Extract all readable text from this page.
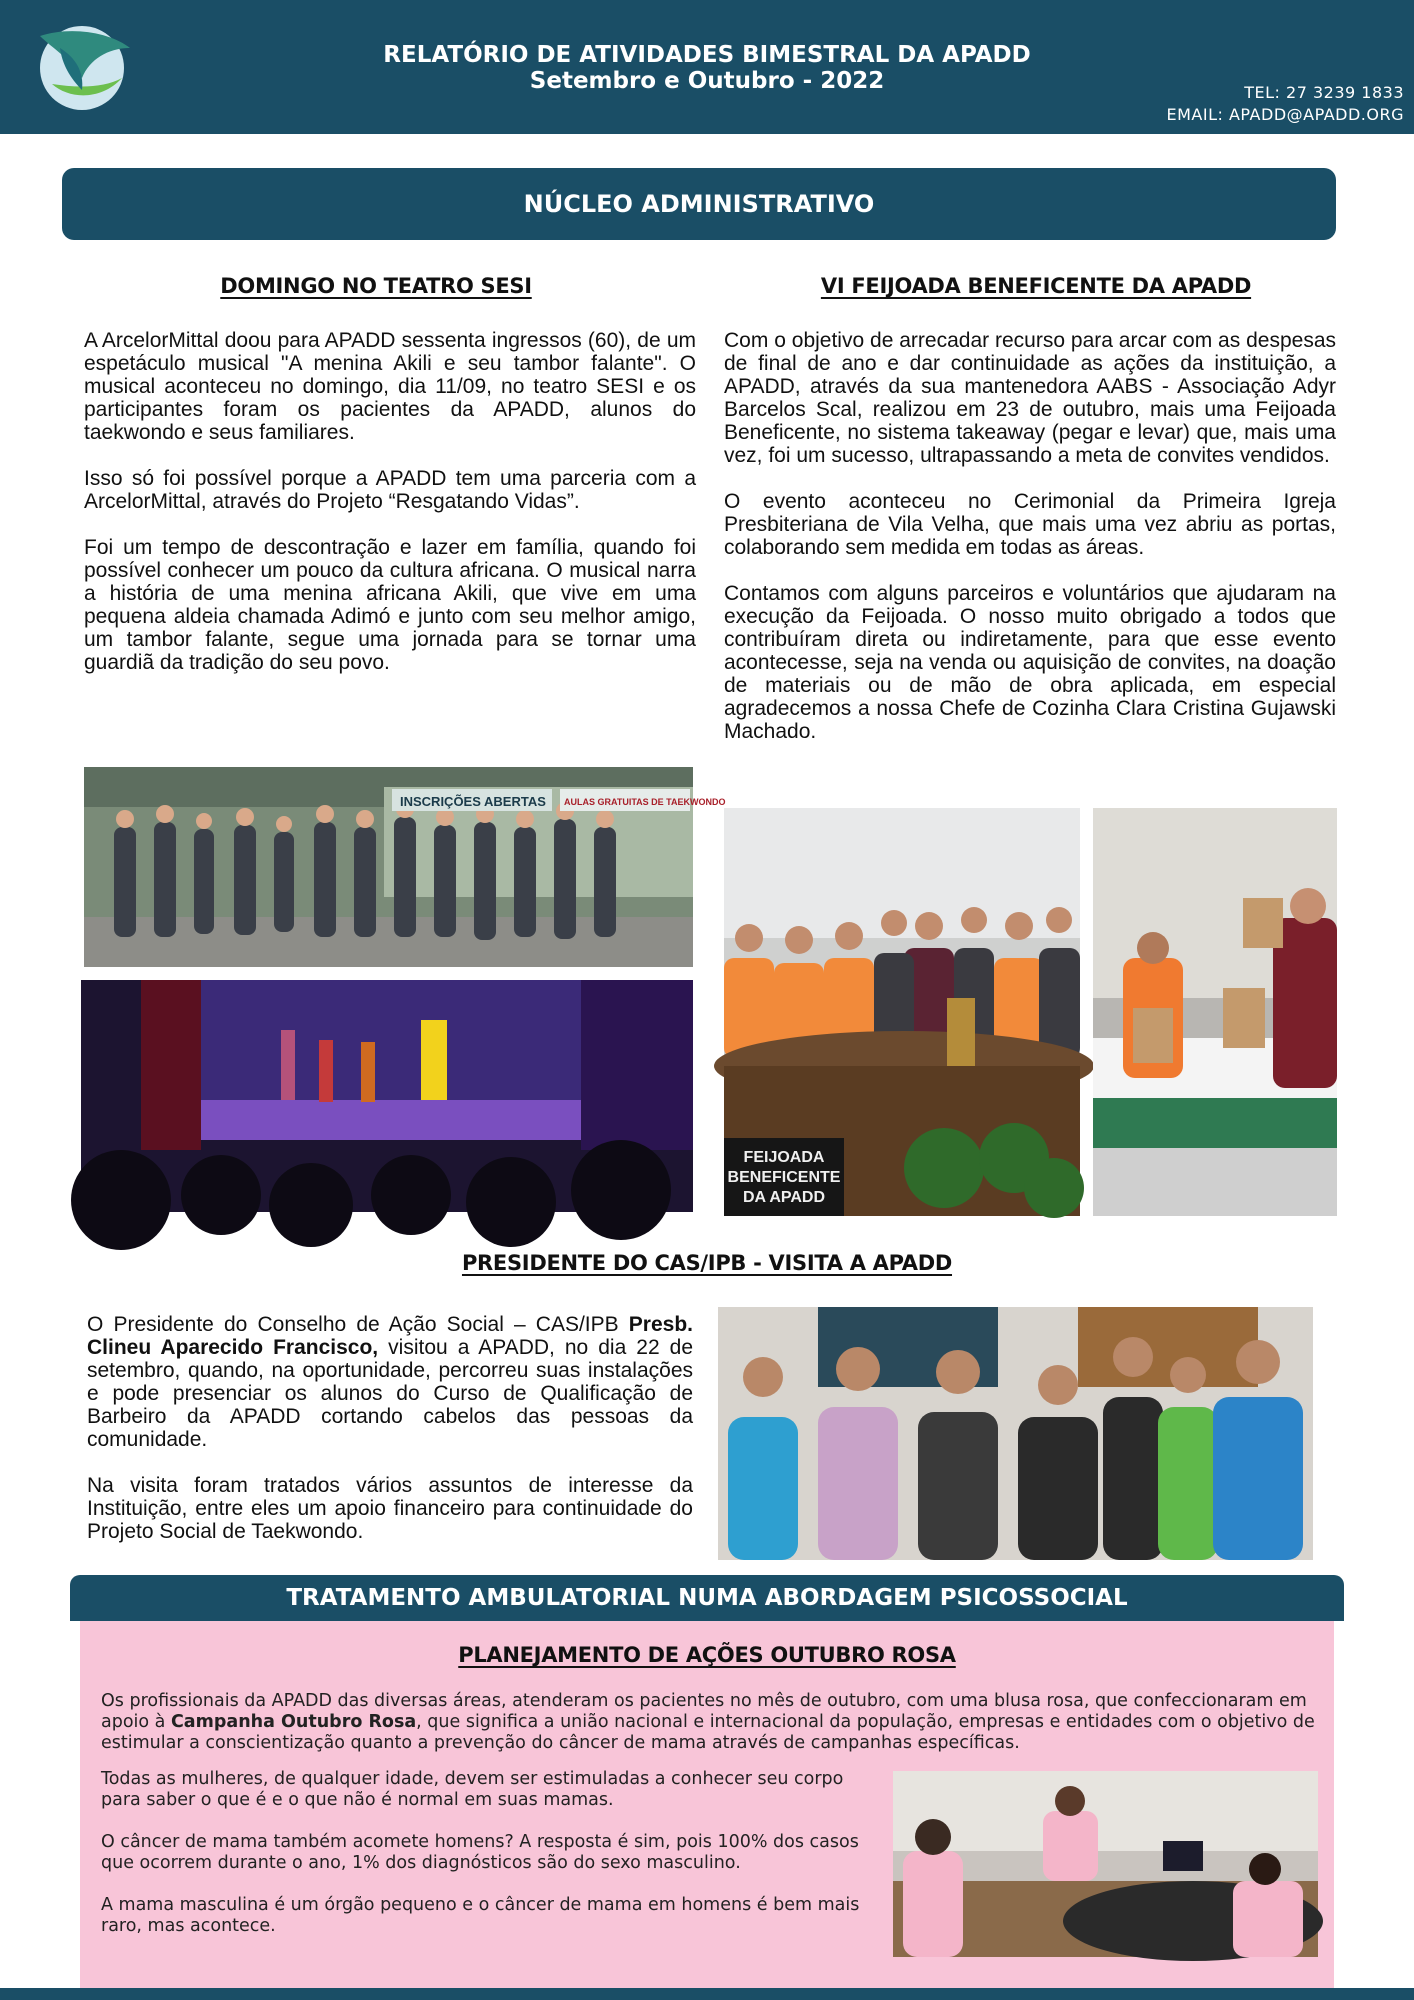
RELATÓRIO DE ATIVIDADES BIMESTRAL DA APADD
Setembro e Outubro - 2022	TEL: 27 3239 1833
EMAIL: APADD@APADD.ORG
NÚCLEO ADMINISTRATIVO
DOMINGO NO TEATRO SESI

A ArcelorMittal doou para APADD sessenta ingressos (60), de um espetáculo musical "A menina Akili e seu tambor falante". O musical aconteceu no domingo, dia 11/09, no teatro SESI e os participantes foram os pacientes da APADD, alunos do taekwondo e seus familiares.

Isso só foi possível porque a APADD tem uma parceria com a ArcelorMittal, através do Projeto “Resgatando Vidas”.

Foi um tempo de descontração e lazer em família, quando foi possível conhecer um pouco da cultura africana. O musical narra a história de uma menina africana Akili, que vive em uma pequena aldeia chamada Adimó e junto com seu melhor amigo, um tambor falante, segue uma jornada para se tornar uma guardiã da tradição do seu povo.

INSCRIÇÕES ABERTAS AULAS GRATUITAS DE TAEKWONDO
VI FEIJOADA BENEFICENTE DA APADD

Com o objetivo de arrecadar recurso para arcar com as despesas de final de ano e dar continuidade as ações da instituição, a APADD, através da sua mantenedora AABS - Associação Adyr Barcelos Scal, realizou em 23 de outubro, mais uma Feijoada Beneficente, no sistema takeaway (pegar e levar) que, mais uma vez, foi um sucesso, ultrapassando a meta de convites vendidos.

O evento aconteceu no Cerimonial da Primeira Igreja Presbiteriana de Vila Velha, que mais uma vez abriu as portas, colaborando sem medida em todas as áreas.

Contamos com alguns parceiros e voluntários que ajudaram na execução da Feijoada. O nosso muito obrigado a todos que contribuíram direta ou indiretamente, para que esse evento acontecesse, seja na venda ou aquisição de convites, na doação de materiais ou de mão de obra aplicada, em especial agradecemos a nossa Chefe de Cozinha Clara Cristina Gujawski Machado.

FEIJOADA
BENEFICENTE
DA APADD
PRESIDENTE DO CAS/IPB - VISITA A APADD

O Presidente do Conselho de Ação Social – CAS/IPB Presb. Clineu Aparecido Francisco, visitou a APADD, no dia 22 de setembro, quando, na oportunidade, percorreu suas instalações e pode presenciar os alunos do Curso de Qualificação de Barbeiro da APADD cortando cabelos das pessoas da comunidade.

Na visita foram tratados vários assuntos de interesse da Instituição, entre eles um apoio financeiro para continuidade do Projeto Social de Taekwondo.

TRATAMENTO AMBULATORIAL NUMA ABORDAGEM PSICOSSOCIAL
PLANEJAMENTO DE AÇÕES OUTUBRO ROSA

Os profissionais da APADD das diversas áreas, atenderam os pacientes no mês de outubro, com uma blusa rosa, que confeccionaram em apoio à Campanha Outubro Rosa, que significa a união nacional e internacional da população, empresas e entidades com o objetivo de estimular a conscientização quanto a prevenção do câncer de mama através de campanhas específicas.

Todas as mulheres, de qualquer idade, devem ser estimuladas a conhecer seu corpo para saber o que é e o que não é normal em suas mamas.

O câncer de mama também acomete homens? A resposta é sim, pois 100% dos casos que ocorrem durante o ano, 1% dos diagnósticos são do sexo masculino.

A mama masculina é um órgão pequeno e o câncer de mama em homens é bem mais raro, mas acontece.
